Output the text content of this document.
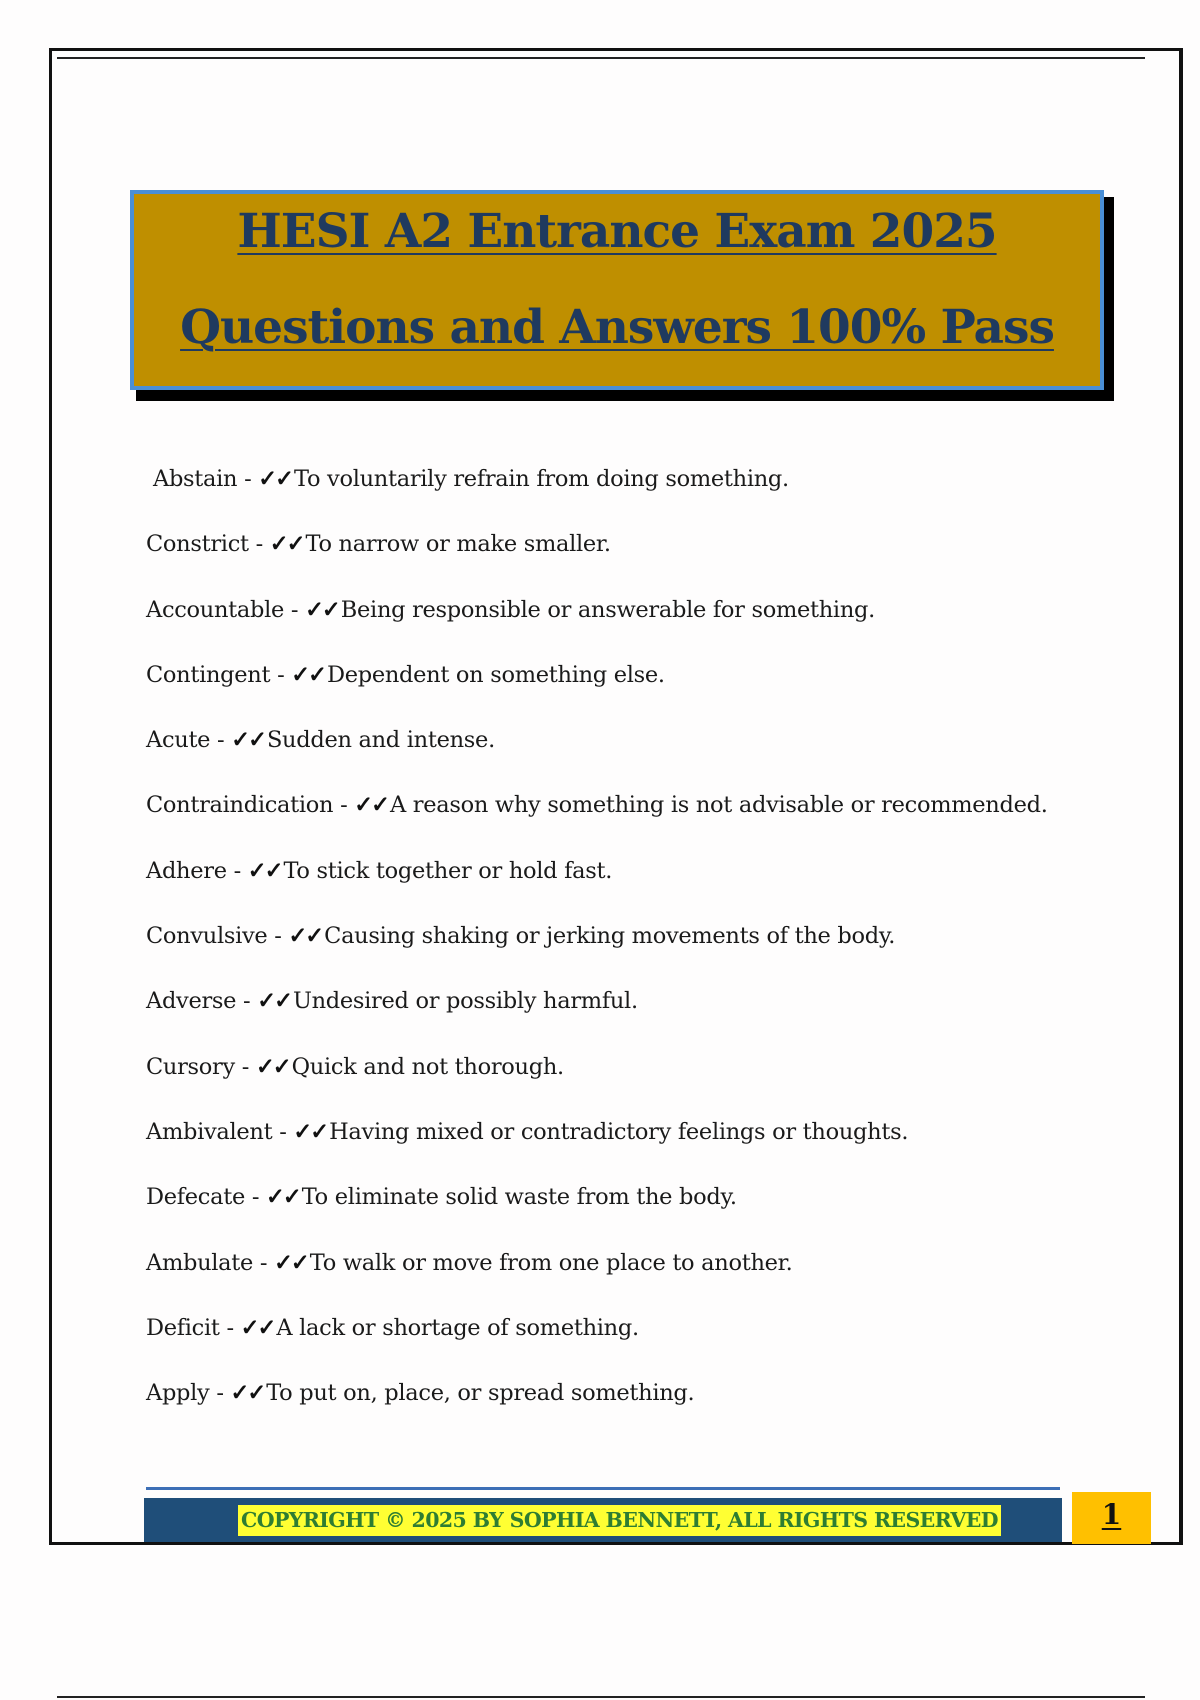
HESI A2 Entrance Exam 2025
Questions and Answers 100% Pass
Abstain - ✓✓To voluntarily refrain from doing something.
Constrict - ✓✓To narrow or make smaller.
Accountable - ✓✓Being responsible or answerable for something.
Contingent - ✓✓Dependent on something else.
Acute - ✓✓Sudden and intense.
Contraindication - ✓✓A reason why something is not advisable or recommended.
Adhere - ✓✓To stick together or hold fast.
Convulsive - ✓✓Causing shaking or jerking movements of the body.
Adverse - ✓✓Undesired or possibly harmful.
Cursory - ✓✓Quick and not thorough.
Ambivalent - ✓✓Having mixed or contradictory feelings or thoughts.
Defecate - ✓✓To eliminate solid waste from the body.
Ambulate - ✓✓To walk or move from one place to another.
Deficit - ✓✓A lack or shortage of something.
Apply - ✓✓To put on, place, or spread something.
COPYRIGHT © 2025 BY SOPHIA BENNETT, ALL RIGHTS RESERVED	1
